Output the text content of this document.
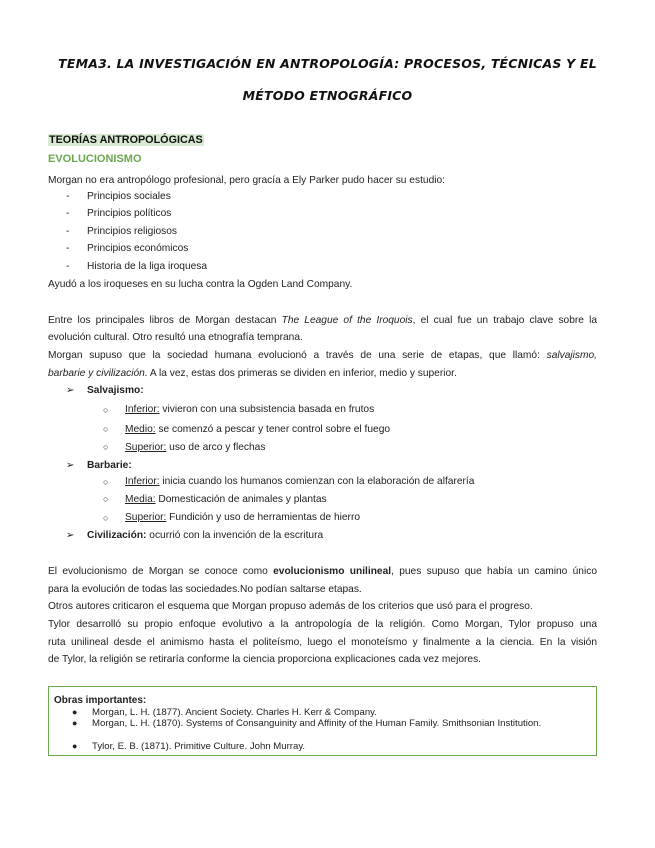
TEMA3. LA INVESTIGACIÓN EN ANTROPOLOGÍA: PROCESOS, TÉCNICAS Y EL
MÉTODO ETNOGRÁFICO
TEORÍAS ANTROPOLÓGICAS
EVOLUCIONISMO
Morgan no era antropólogo profesional, pero gracía a Ely Parker pudo hacer su estudio:
- Principios sociales
- Principios políticos
- Principios religiosos
- Principios económicos
- Historia de la liga iroquesa
Ayudó a los iroqueses en su lucha contra la Ogden Land Company.
Entre los principales libros de Morgan destacan The League of the Iroquois, el cual fue un trabajo clave sobre la
evolución cultural. Otro resultó una etnografía temprana.
Morgan supuso que la sociedad humana evolucionó a través de una serie de etapas, que llamó: salvajismo,
barbarie y civilización. A la vez, estas dos primeras se dividen en inferior, medio y superior.
➢ Salvajismo:
○ Inferior: vivieron con una subsistencia basada en frutos
○ Medio: se comenzó a pescar y tener control sobre el fuego
○ Superior: uso de arco y flechas
➢ Barbarie:
○ Inferior: inicia cuando los humanos comienzan con la elaboración de alfarería
○ Media: Domesticación de animales y plantas
○ Superior: Fundición y uso de herramientas de hierro
➢ Civilización: ocurrió con la invención de la escritura
El evolucionismo de Morgan se conoce como evolucionismo unilineal, pues supuso que había un camino único
para la evolución de todas las sociedades.No podían saltarse etapas.
Otros autores criticaron el esquema que Morgan propuso además de los criterios que usó para el progreso.
Tylor desarrolló su propio enfoque evolutivo a la antropología de la religión. Como Morgan, Tylor propuso una
ruta unilineal desde el animismo hasta el politeísmo, luego el monoteísmo y finalmente a la ciencia. En la visión
de Tylor, la religión se retiraría conforme la ciencia proporciona explicaciones cada vez mejores.
Obras importantes:
● Morgan, L. H. (1877). Ancient Society. Charles H. Kerr & Company.
● Morgan, L. H. (1870). Systems of Consanguinity and Affinity of the Human Family. Smithsonian Institution.
● Tylor, E. B. (1871). Primitive Culture. John Murray.
